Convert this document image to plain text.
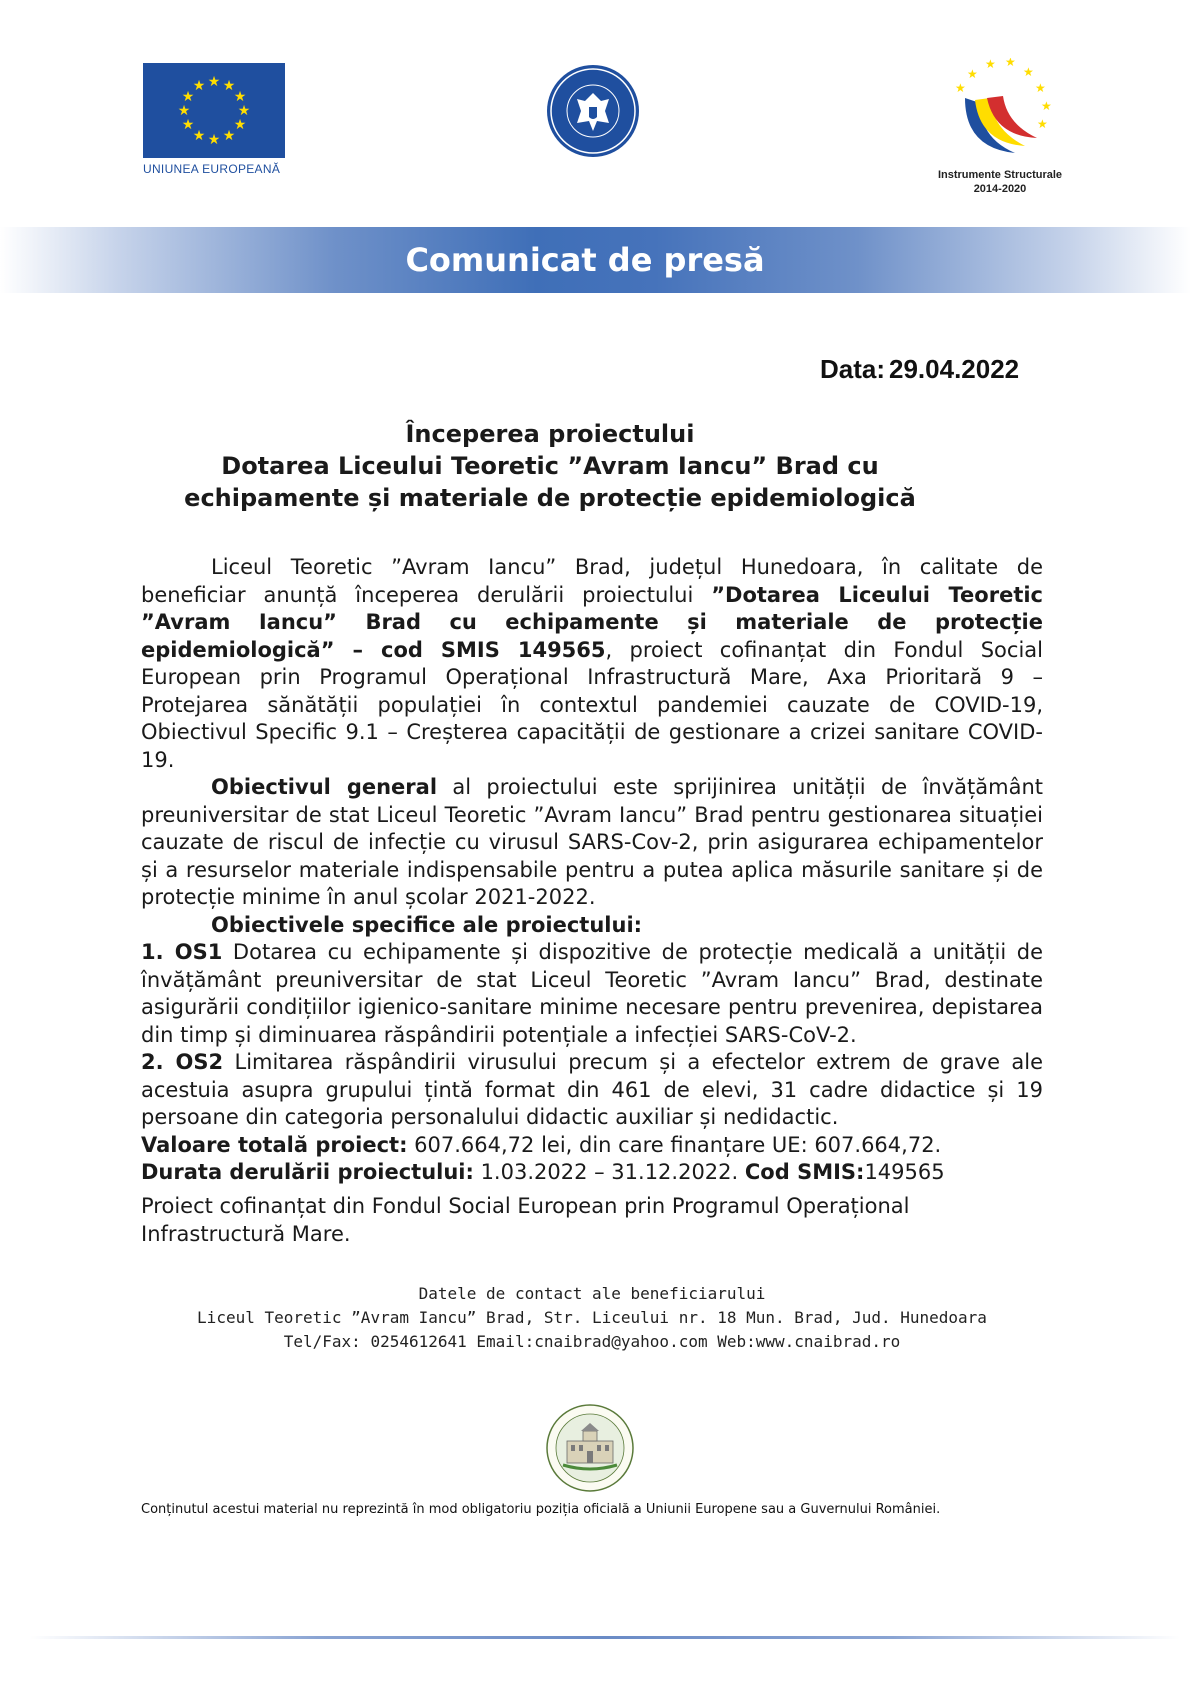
★ ★
★
★
★
★
★
★
★
★
★
★
UNIUNEA EUROPEANĂ
★
★ ★
★
★
★
★
★
Instrumente Structurale
2014-2020
Comunicat de presă
Data: 29.04.2022
Începerea proiectului
Dotarea Liceului Teoretic ”Avram Iancu” Brad cu
echipamente și materiale de protecție epidemiologică

Liceul Teoretic ”Avram Iancu” Brad, județul Hunedoara, în calitate de beneficiar anunță începerea derulării proiectului ”Dotarea Liceului Teoretic ”Avram Iancu” Brad cu echipamente și materiale de protecție epidemiologică” – cod SMIS 149565, proiect cofinanțat din Fondul Social European prin Programul Operațional Infrastructură Mare, Axa Prioritară 9 – Protejarea sănătății populației în contextul pandemiei cauzate de COVID-19, Obiectivul Specific 9.1 – Creșterea capacității de gestionare a crizei sanitare COVID-19.

Obiectivul general al proiectului este sprijinirea unității de învățământ preuniversitar de stat Liceul Teoretic ”Avram Iancu” Brad pentru gestionarea situației cauzate de riscul de infecție cu virusul SARS-Cov-2, prin asigurarea echipamentelor și a resurselor materiale indispensabile pentru a putea aplica măsurile sanitare și de protecție minime în anul școlar 2021-2022.

Obiectivele specifice ale proiectului:

1. OS1 Dotarea cu echipamente și dispozitive de protecție medicală a unității de învățământ preuniversitar de stat Liceul Teoretic ”Avram Iancu” Brad, destinate asigurării condițiilor igienico-sanitare minime necesare pentru prevenirea, depistarea din timp și diminuarea răspândirii potențiale a infecției SARS-CoV-2.

2. OS2 Limitarea răspândirii virusului precum și a efectelor extrem de grave ale acestuia asupra grupului țintă format din 461 de elevi, 31 cadre didactice și 19 persoane din categoria personalului didactic auxiliar și nedidactic.

Valoare totală proiect: 607.664,72 lei, din care finanțare UE: 607.664,72.

Durata derulării proiectului: 1.03.2022 – 31.12.2022. Cod SMIS:149565

Proiect cofinanțat din Fondul Social European prin Programul Operațional Infrastructură Mare.
Datele de contact ale beneficiarului
Liceul Teoretic ”Avram Iancu” Brad, Str. Liceului nr. 18 Mun. Brad, Jud. Hunedoara
Tel/Fax: 0254612641 Email:cnaibrad@yahoo.com Web:www.cnaibrad.ro
Conținutul acestui material nu reprezintă în mod obligatoriu poziția oficială a Uniunii Europene sau a Guvernului României.
